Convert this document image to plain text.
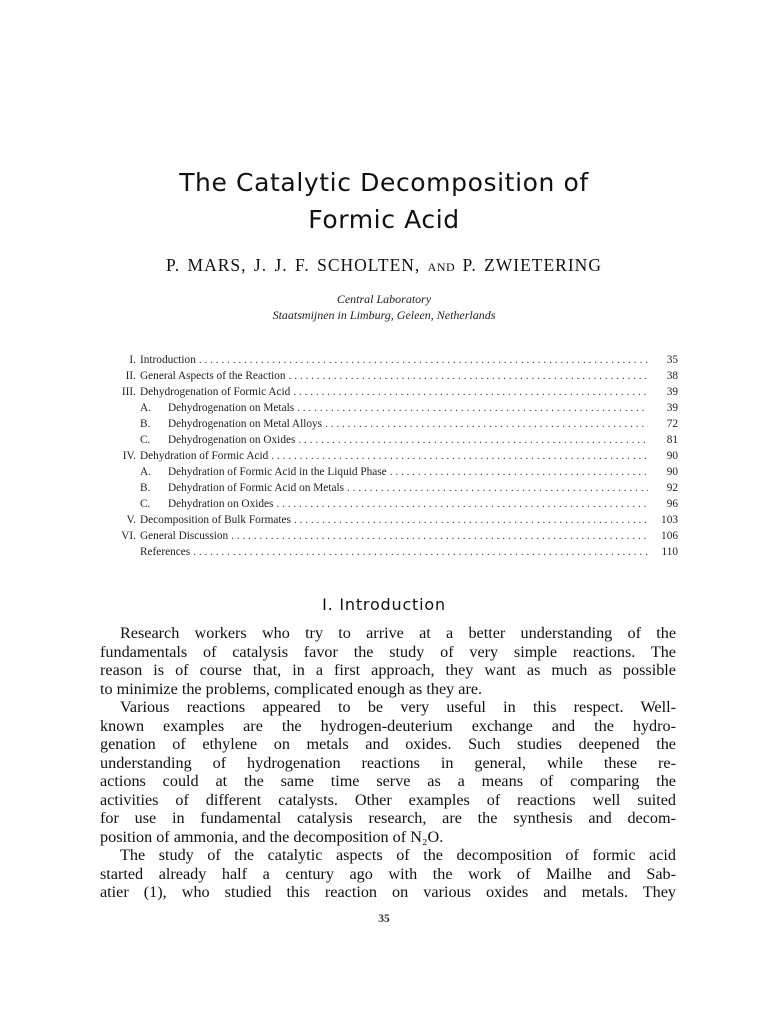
The Catalytic Decomposition of
Formic Acid
P. MARS, J. J. F. SCHOLTEN, and P. ZWIETERING
Central Laboratory
Staatsmijnen in Limburg, Geleen, Netherlands
I. Introduction . . .	35
II. General Aspects of the Reaction . . .	38
III. Dehydrogenation of Formic Acid . . .	39
A.	Dehydrogenation on Metals . . .	39
B.	Dehydrogenation on Metal Alloys . . .	72
C.	Dehydrogenation on Oxides . . .	81
IV. Dehydration of Formic Acid . . .	90
A.	Dehydration of Formic Acid in the Liquid Phase . . .	90
B.	Dehydration of Formic Acid on Metals . . .	92
C.	Dehydration on Oxides . . .	96
V. Decomposition of Bulk Formates . . .	103
VI. General Discussion . . .	106
References . . .	110
I. Introduction
Research workers who try to arrive at a better understanding of the
fundamentals of catalysis favor the study of very simple reactions. The
reason is of course that, in a first approach, they want as much as possible
to minimize the problems, complicated enough as they are.
Various reactions appeared to be very useful in this respect. Well-
known examples are the hydrogen-deuterium exchange and the hydro-
genation of ethylene on metals and oxides. Such studies deepened the
understanding of hydrogenation reactions in general, while these re-
actions could at the same time serve as a means of comparing the
activities of different catalysts. Other examples of reactions well suited
for use in fundamental catalysis research, are the synthesis and decom-
position of ammonia, and the decomposition of N₂O.
The study of the catalytic aspects of the decomposition of formic acid
started already half a century ago with the work of Mailhe and Sab-
atier (1), who studied this reaction on various oxides and metals. They
35
